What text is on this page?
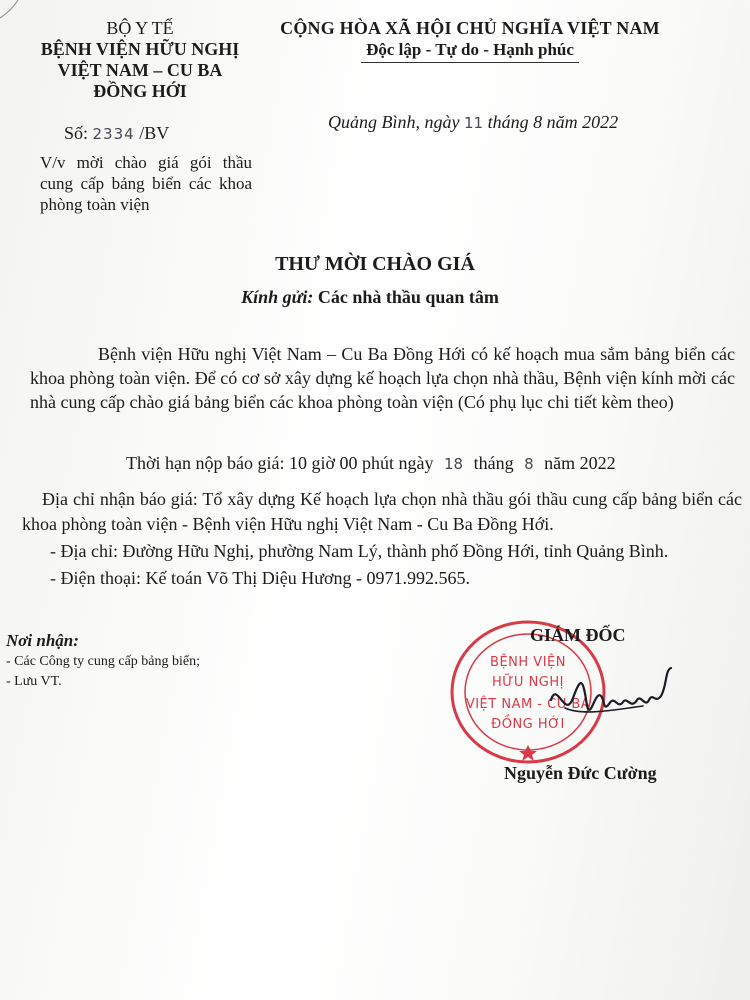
BỘ Y TẾ
BỆNH VIỆN HỮU NGHỊ
VIỆT NAM – CU BA
ĐỒNG HỚI
Số: 2334 /BV
V/v mời chào giá gói thầu cung cấp bảng biển các khoa phòng toàn viện
CỘNG HÒA XÃ HỘI CHỦ NGHĨA VIỆT NAM
Độc lập - Tự do - Hạnh phúc
Quảng Bình, ngày 11 tháng 8 năm 2022
THƯ MỜI CHÀO GIÁ
Kính gửi: Các nhà thầu quan tâm

Bệnh viện Hữu nghị Việt Nam – Cu Ba Đồng Hới có kế hoạch mua sắm bảng biển các khoa phòng toàn viện. Để có cơ sở xây dựng kế hoạch lựa chọn nhà thầu, Bệnh viện kính mời các nhà cung cấp chào giá bảng biển các khoa phòng toàn viện (Có phụ lục chi tiết kèm theo)

Thời hạn nộp báo giá: 10 giờ 00 phút ngày 18 tháng 8 năm 2022

Địa chỉ nhận báo giá: Tổ xây dựng Kế hoạch lựa chọn nhà thầu gói thầu cung cấp bảng biển các khoa phòng toàn viện - Bệnh viện Hữu nghị Việt Nam - Cu Ba Đồng Hới.

- Địa chỉ: Đường Hữu Nghị, phường Nam Lý, thành phố Đồng Hới, tỉnh Quảng Bình.
- Điện thoại: Kế toán Võ Thị Diệu Hương - 0971.992.565.
Nơi nhận:
- Các Công ty cung cấp bảng biển;
- Lưu VT.
BỆNH VIỆN
HỮU NGHỊ
VIỆT NAM - CU BA
ĐỒNG HỚI
GIÁM ĐỐC
Nguyễn Đức Cường
